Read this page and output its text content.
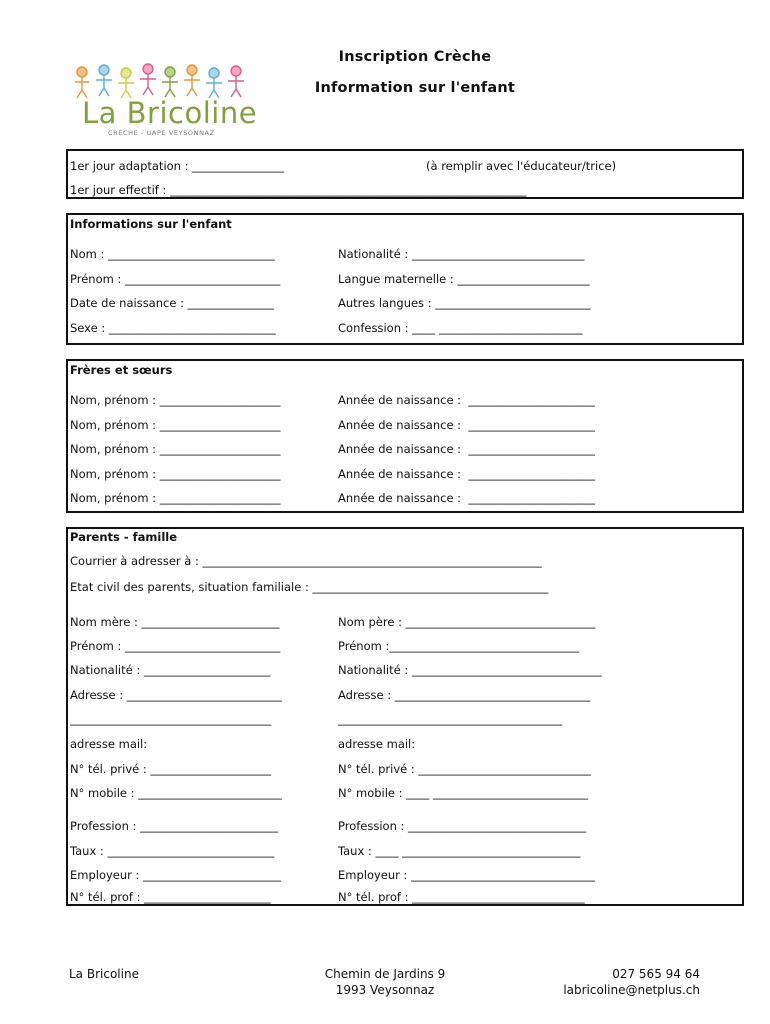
Inscription Crèche
Information sur l'enfant
La Bricoline
CRÈCHE - UAPE VEYSONNAZ
1er jour adaptation : ________________	(à remplir avec l'éducateur/trice)
1er jour effectif : ______________________________________________________________
Informations sur l'enfant
Nom : _____________________________
Prénom : ___________________________
Date de naissance : _______________
Sexe : _____________________________
Nationalité : ______________________________
Langue maternelle : _______________________
Autres langues : ___________________________
Confession : ____ _________________________
Frères et sœurs
Nom, prénom : _____________________
Nom, prénom : _____________________
Nom, prénom : _____________________
Nom, prénom : _____________________
Nom, prénom : _____________________
Année de naissance :  ______________________
Année de naissance :  ______________________
Année de naissance :  ______________________
Année de naissance :  ______________________
Année de naissance :  ______________________
Parents - famille
Courrier à adresser à : ___________________________________________________________
Etat civil des parents, situation familiale : _________________________________________
Nom mère : ________________________
Prénom : ___________________________
Nationalité : ______________________
Adresse : ___________________________
___________________________________
adresse mail:
N° tél. privé : _____________________
N° mobile : _________________________
Profession : ________________________
Taux : _____________________________
Employeur : ________________________
N° tél. prof : ______________________
Nom père : _________________________________
Prénom :_________________________________
Nationalité : _________________________________
Adresse : __________________________________
_______________________________________
adresse mail:
N° tél. privé : ______________________________
N° mobile : ____ ___________________________
Profession : _______________________________
Taux : ____ _______________________________
Employeur : ________________________________
N° tél. prof : ______________________________
La Bricoline	Chemin de Jardins 9
1993 Veysonnaz
027 565 94 64
labricoline@netplus.ch
